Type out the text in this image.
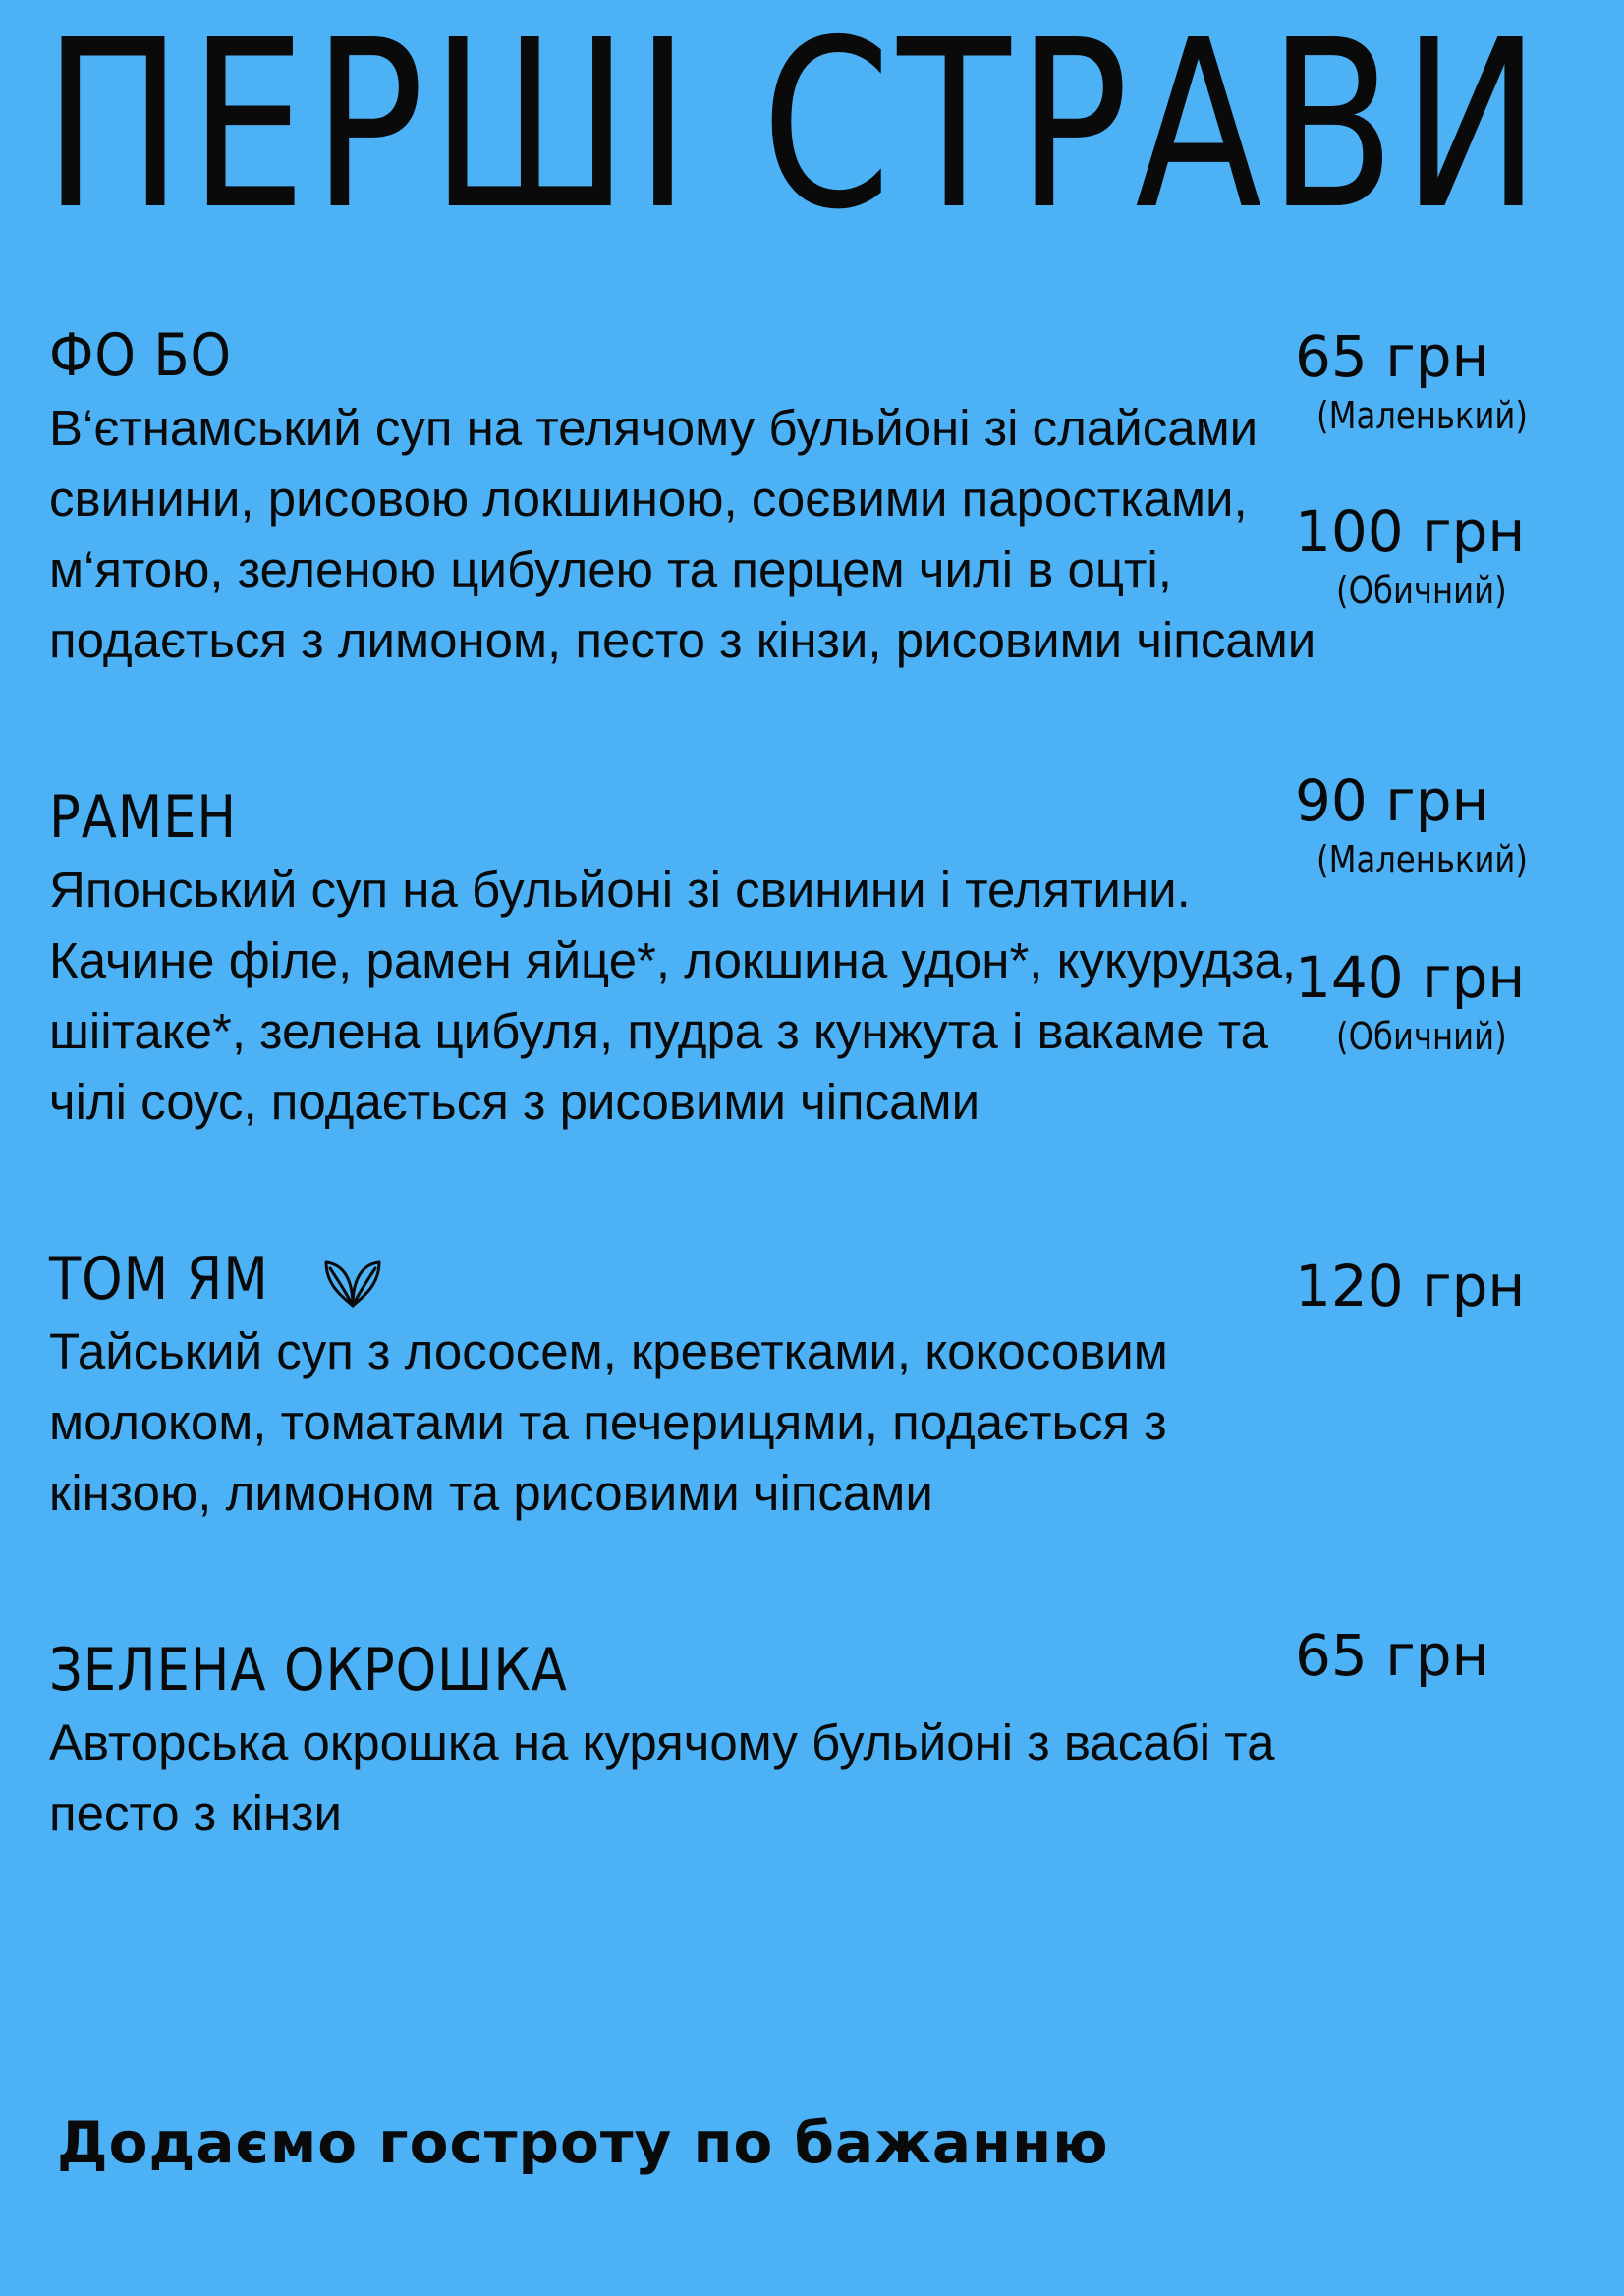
ПЕРШІ СТРАВИ
ФО БО
В‘єтнамський суп на телячому бульйоні зі слайсами свинини, рисовою локшиною, соєвими паростками, м‘ятою, зеленою цибулею та перцем чилі в оцті, подається з лимоном, песто з кінзи, рисовими чіпсами
65 грн
(Маленький)
100 грн
(Обичний)
РАМЕН
Японський суп на бульйоні зі свинини і телятини. Качине філе, рамен яйце*, локшина удон*, кукурудза, шіітаке*, зелена цибуля, пудра з кунжута і вакаме та чілі соус, подається з рисовими чіпсами
90 грн
(Маленький)
140 грн
(Обичний)
ТОМ ЯМ
Тайський суп з лососем, креветками, кокосовим молоком, томатами та печерицями, подається з кінзою, лимоном та рисовими чіпсами
120 грн
ЗЕЛЕНА ОКРОШКА
Авторська окрошка на курячому бульйоні з васабі та песто з кінзи
65 грн
Додаємо гостроту по бажанню
